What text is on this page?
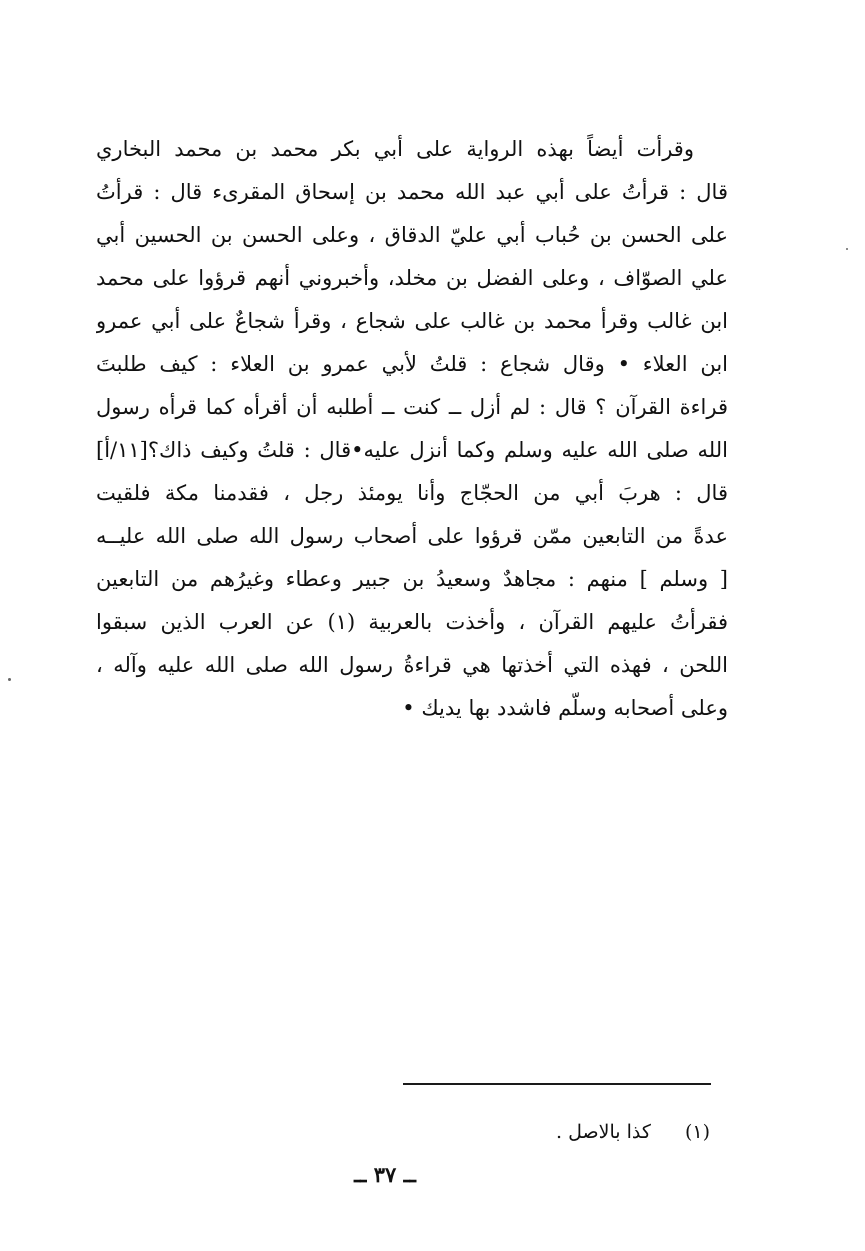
وقرأت أيضاً بهذه الرواية على أبي بكر محمد بن محمد البخاري
قال : قرأتُ على أبي عبد الله محمد بن إسحاق المقرىء قال : قرأتُ
على الحسن بن حُباب أبي عليّ الدقاق ، وعلى الحسن بن الحسين أبي
علي الصوّاف ، وعلى الفضل بن مخلد، وأخبروني أنهم قرؤوا على محمد
ابن غالب وقرأ محمد بن غالب على شجاع ، وقرأ شجاعٌ على أبي عمرو
ابن العلاء • وقال شجاع : قلتُ لأبي عمرو بن العلاء : كيف طلبتَ
قراءة القرآن ؟ قال : لم أزل ــ كنت ــ أطلبه أن أقرأه كما قرأه رسول
الله صلى الله عليه وسلم وكما أنزل عليه•قال : قلتُ وكيف ذاك؟[١١/أ]
قال : هربَ أبي من الحجّاج وأنا يومئذ رجل ، فقدمنا مكة فلقيت
عدةً من التابعين ممّن قرؤوا على أصحاب رسول الله صلى الله عليــه
[ وسلم ] منهم : مجاهدٌ وسعيدُ بن جبير وعطاء وغيرُهم من التابعين
فقرأتُ عليهم القرآن ، وأخذت بالعربية (١) عن العرب الذين سبقوا
اللحن ، فهذه التي أخذتها هي قراءةُ رسول الله صلى الله عليه وآله ،
وعلى أصحابه وسلّم فاشدد بها يديك •
(١) كذا بالاصل .
ــ ٣٧ ــ
